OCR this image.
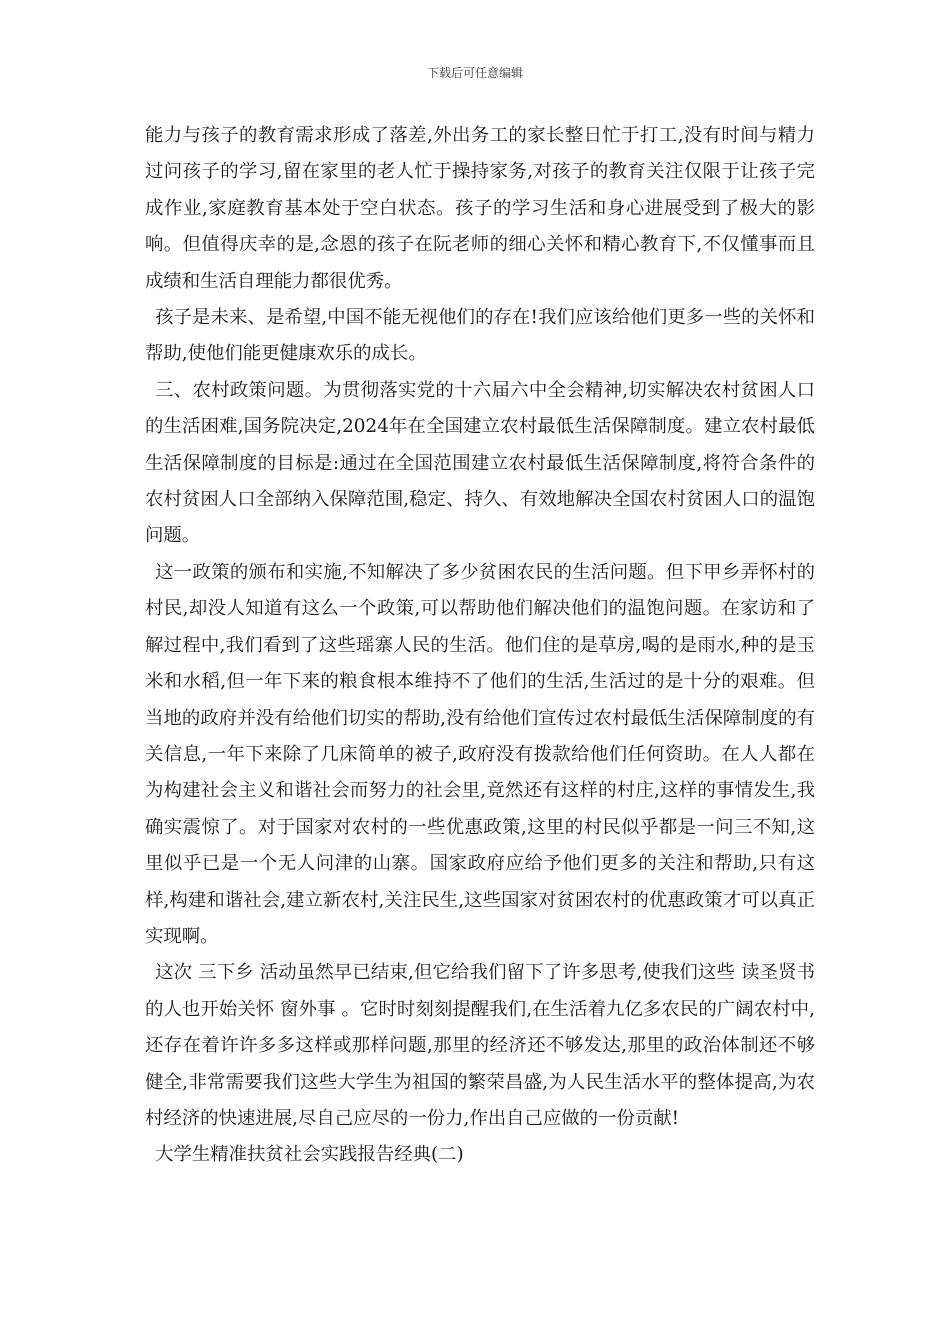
下载后可任意编辑

能力与孩子的教育需求形成了落差,外出务工的家长整日忙于打工,没有时间与精力过问孩子的学习,留在家里的老人忙于操持家务,对孩子的教育关注仅限于让孩子完成作业,家庭教育基本处于空白状态。孩子的学习生活和身心进展受到了极大的影响。但值得庆幸的是,念恩的孩子在阮老师的细心关怀和精心教育下,不仅懂事而且成绩和生活自理能力都很优秀。

孩子是未来、是希望,中国不能无视他们的存在!我们应该给他们更多一些的关怀和帮助,使他们能更健康欢乐的成长。

三、农村政策问题。为贯彻落实党的十六届六中全会精神,切实解决农村贫困人口的生活困难,国务院决定,2024年在全国建立农村最低生活保障制度。建立农村最低生活保障制度的目标是:通过在全国范围建立农村最低生活保障制度,将符合条件的农村贫困人口全部纳入保障范围,稳定、持久、有效地解决全国农村贫困人口的温饱问题。

这一政策的颁布和实施,不知解决了多少贫困农民的生活问题。但下甲乡弄怀村的村民,却没人知道有这么一个政策,可以帮助他们解决他们的温饱问题。在家访和了解过程中,我们看到了这些瑶寨人民的生活。他们住的是草房,喝的是雨水,种的是玉米和水稻,但一年下来的粮食根本维持不了他们的生活,生活过的是十分的艰难。但当地的政府并没有给他们切实的帮助,没有给他们宣传过农村最低生活保障制度的有关信息,一年下来除了几床简单的被子,政府没有拨款给他们任何资助。在人人都在为构建社会主义和谐社会而努力的社会里,竟然还有这样的村庄,这样的事情发生,我确实震惊了。对于国家对农村的一些优惠政策,这里的村民似乎都是一问三不知,这里似乎已是一个无人问津的山寨。国家政府应给予他们更多的关注和帮助,只有这样,构建和谐社会,建立新农村,关注民生,这些国家对贫困农村的优惠政策才可以真正实现啊。

这次 三下乡 活动虽然早已结束,但它给我们留下了许多思考,使我们这些 读圣贤书 的人也开始关怀 窗外事 。它时时刻刻提醒我们,在生活着九亿多农民的广阔农村中,还存在着许许多多这样或那样问题,那里的经济还不够发达,那里的政治体制还不够健全,非常需要我们这些大学生为祖国的繁荣昌盛,为人民生活水平的整体提高,为农村经济的快速进展,尽自己应尽的一份力,作出自己应做的一份贡献!

大学生精准扶贫社会实践报告经典(二)
